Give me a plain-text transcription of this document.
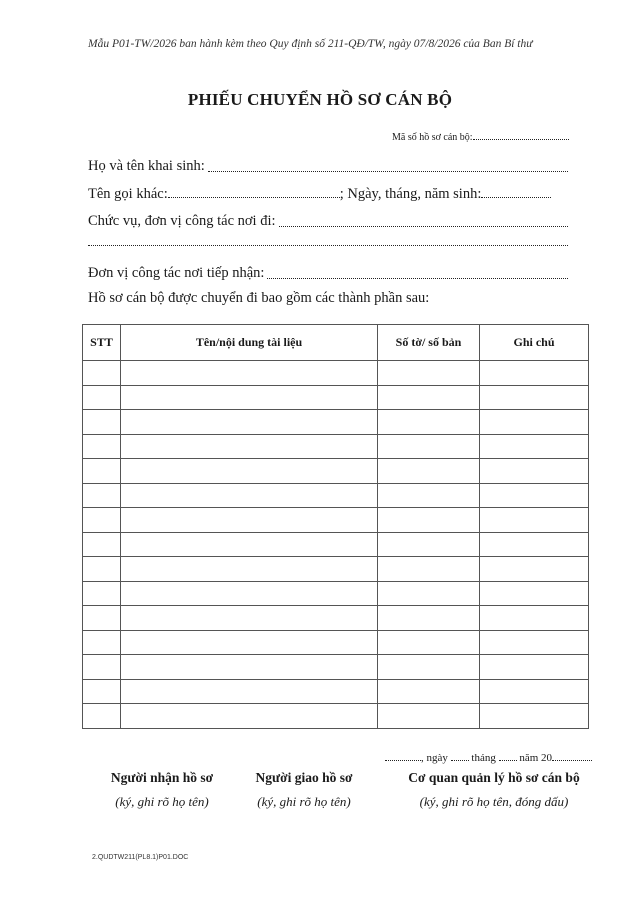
Mẫu P01-TW/2026 ban hành kèm theo Quy định số 211-QĐ/TW, ngày 07/8/2026 của Ban Bí thư
PHIẾU CHUYỂN HỒ SƠ CÁN BỘ
Mã số hồ sơ cán bộ:
Họ và tên khai sinh:
Tên gọi khác:	; Ngày, tháng, năm sinh:
Chức vụ, đơn vị công tác nơi đi:
Đơn vị công tác nơi tiếp nhận:
Hồ sơ cán bộ được chuyển đi bao gồm các thành phần sau:
STT	Tên/nội dung tài liệu	Số tờ/ số bản	Ghi chú

, ngày tháng năm 20
Người nhận hồ sơ
(ký, ghi rõ họ tên)
Người giao hồ sơ
(ký, ghi rõ họ tên)
Cơ quan quản lý hồ sơ cán bộ
(ký, ghi rõ họ tên, đóng dấu)
2.QUDTW211(PL8.1)P01.DOC
